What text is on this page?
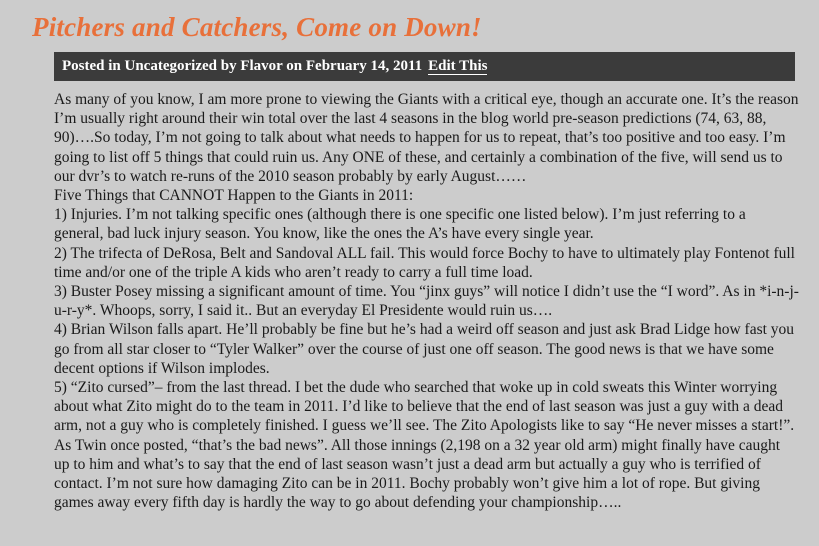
Pitchers and Catchers, Come on Down!
Posted in Uncategorized by Flavor on February 14, 2011 Edit This

As many of you know, I am more prone to viewing the Giants with a critical eye, though an accurate one. It’s the reason I’m usually right around their win total over the last 4 seasons in the blog world pre-season predictions (74, 63, 88, 90)….So today, I’m not going to talk about what needs to happen for us to repeat, that’s too positive and too easy. I’m going to list off 5 things that could ruin us. Any ONE of these, and certainly a combination of the five, will send us to our dvr’s to watch re-runs of the 2010 season probably by early August……

Five Things that CANNOT Happen to the Giants in 2011:

1) Injuries. I’m not talking specific ones (although there is one specific one listed below). I’m just referring to a general, bad luck injury season. You know, like the ones the A’s have every single year.

2) The trifecta of DeRosa, Belt and Sandoval ALL fail. This would force Bochy to have to ultimately play Fontenot full time and/or one of the triple A kids who aren’t ready to carry a full time load.

3) Buster Posey missing a significant amount of time. You “jinx guys” will notice I didn’t use the “I word”. As in *i-n-j-u-r-y*. Whoops, sorry, I said it.. But an everyday El Presidente would ruin us….

4) Brian Wilson falls apart. He’ll probably be fine but he’s had a weird off season and just ask Brad Lidge how fast you go from all star closer to “Tyler Walker” over the course of just one off season. The good news is that we have some decent options if Wilson implodes.

5) “Zito cursed”– from the last thread. I bet the dude who searched that woke up in cold sweats this Winter worrying about what Zito might do to the team in 2011. I’d like to believe that the end of last season was just a guy with a dead arm, not a guy who is completely finished. I guess we’ll see. The Zito Apologists like to say “He never misses a start!”. As Twin once posted, “that’s the bad news”. All those innings (2,198 on a 32 year old arm) might finally have caught up to him and what’s to say that the end of last season wasn’t just a dead arm but actually a guy who is terrified of contact. I’m not sure how damaging Zito can be in 2011. Bochy probably won’t give him a lot of rope. But giving games away every fifth day is hardly the way to go about defending your championship…..
